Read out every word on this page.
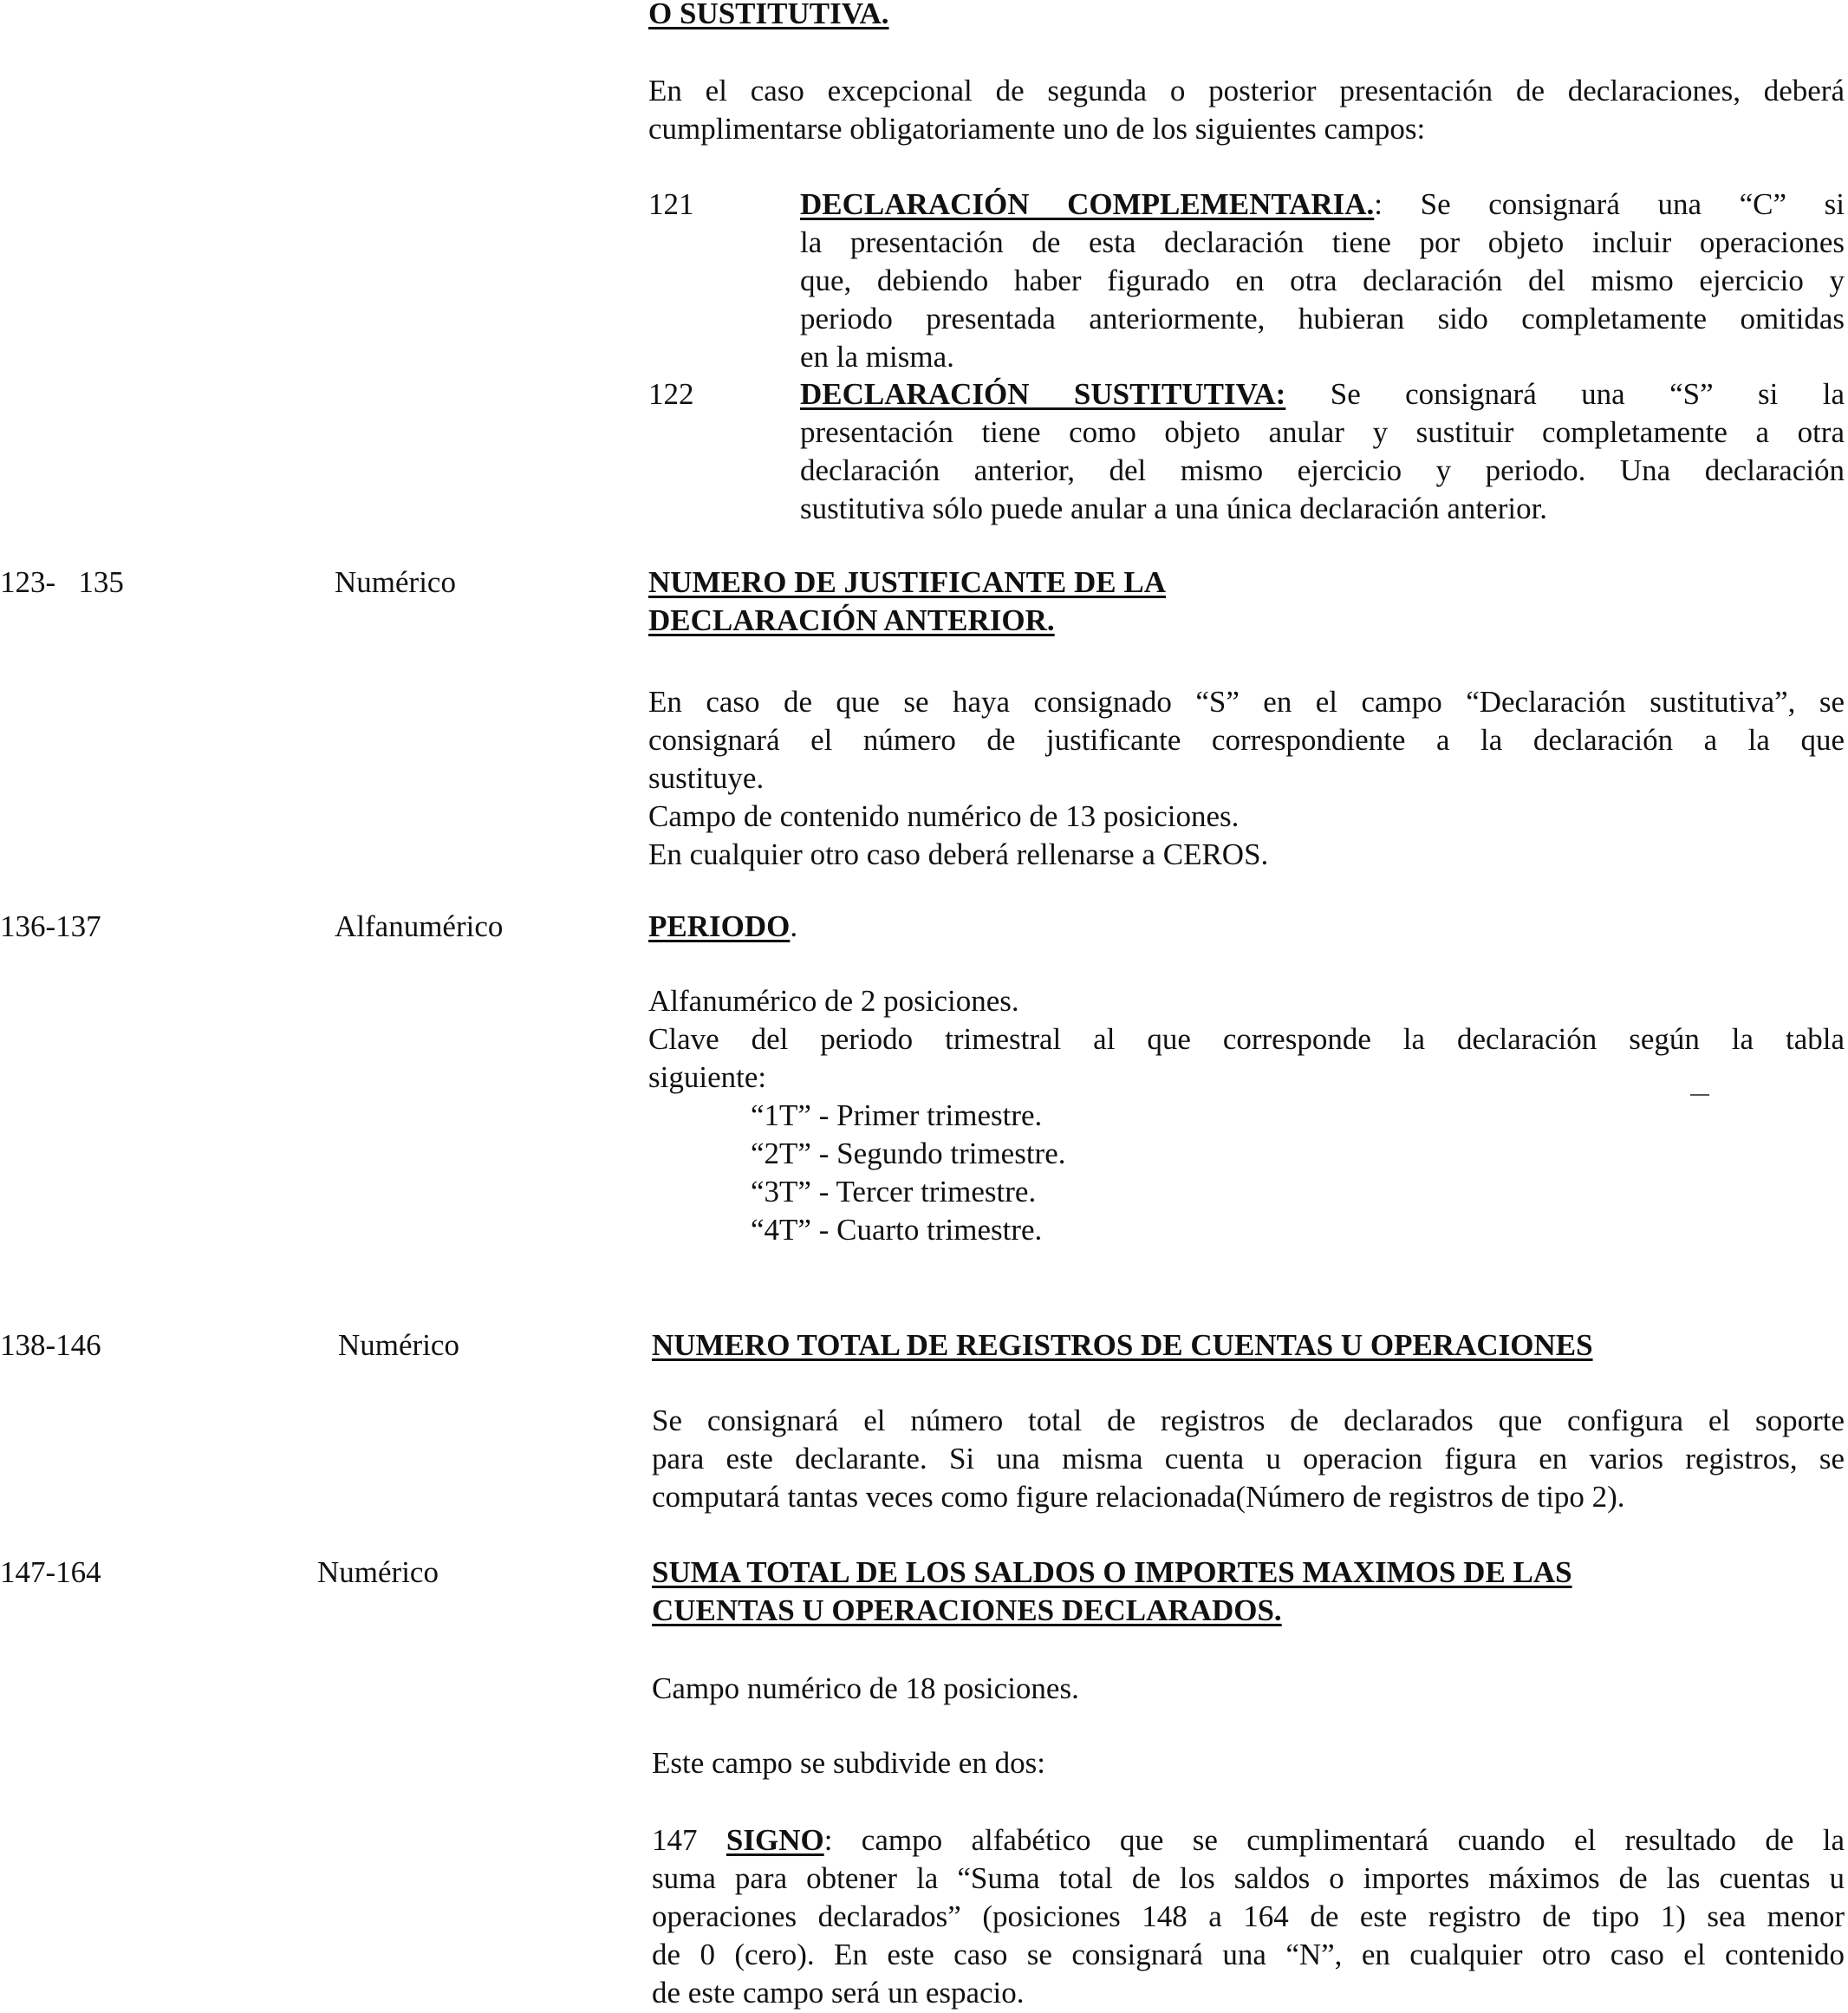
O SUSTITUTIVA.
En el caso excepcional de segunda o posterior presentación de declaraciones, deberá
cumplimentarse obligatoriamente uno de los siguientes campos:
121	DECLARACIÓN COMPLEMENTARIA.: Se consignará una “C” si
la presentación de esta declaración tiene por objeto incluir operaciones
que, debiendo haber figurado en otra declaración del mismo ejercicio y
periodo presentada anteriormente, hubieran sido completamente omitidas
en la misma.
122	DECLARACIÓN SUSTITUTIVA: Se consignará una “S” si la
presentación tiene como objeto anular y sustituir completamente a otra
declaración anterior, del mismo ejercicio y periodo. Una declaración
sustitutiva sólo puede anular a una única declaración anterior.
123-   135	Numérico	NUMERO DE JUSTIFICANTE DE LA
DECLARACIÓN ANTERIOR.
En caso de que se haya consignado “S” en el campo “Declaración sustitutiva”, se
consignará el número de justificante correspondiente a la declaración a la que
sustituye.
Campo de contenido numérico de 13 posiciones.
En cualquier otro caso deberá rellenarse a CEROS.
136-137	Alfanumérico	PERIODO.
Alfanumérico de 2 posiciones.
Clave del periodo trimestral al que corresponde la declaración según la tabla
siguiente:
“1T” - Primer trimestre.
“2T” - Segundo trimestre.
“3T” - Tercer trimestre.
“4T” - Cuarto trimestre.
138-146	Numérico	NUMERO TOTAL DE REGISTROS DE CUENTAS U OPERACIONES
Se consignará el número total de registros de declarados que configura el soporte
para este declarante. Si una misma cuenta u operacion figura en varios registros, se
computará tantas veces como figure relacionada(Número de registros de tipo 2).
147-164	Numérico	SUMA TOTAL DE LOS SALDOS O IMPORTES MAXIMOS DE LAS
CUENTAS U OPERACIONES DECLARADOS.
Campo numérico de 18 posiciones.
Este campo se subdivide en dos:
147 SIGNO: campo alfabético que se cumplimentará cuando el resultado de la
suma para obtener la “Suma total de los saldos o importes máximos de las cuentas u
operaciones declarados” (posiciones 148 a 164 de este registro de tipo 1) sea menor
de 0 (cero). En este caso se consignará una “N”, en cualquier otro caso el contenido
de este campo será un espacio.
